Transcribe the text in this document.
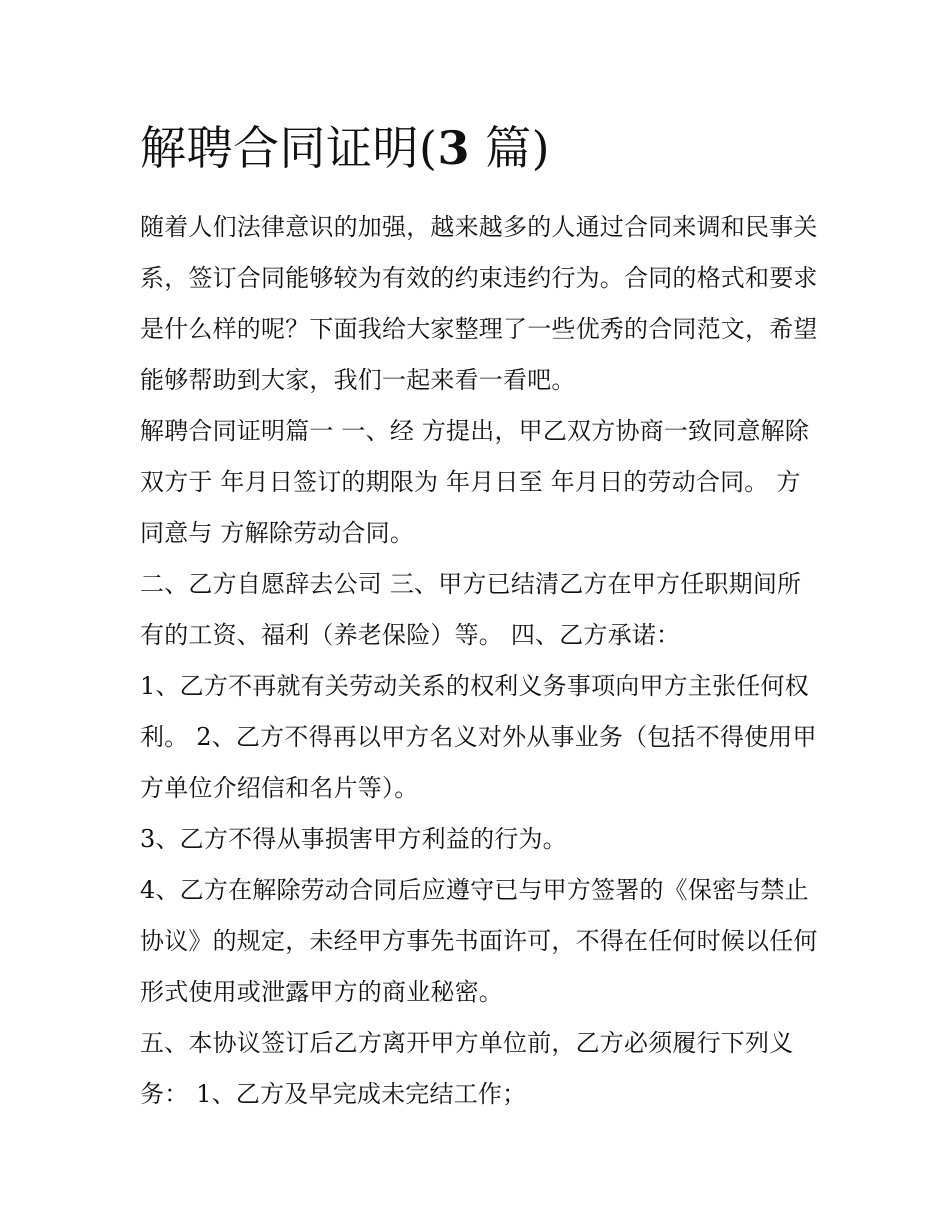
解聘合同证明(3 篇)

随着人们法律意识的加强，越来越多的人通过合同来调和民事关系，签订合同能够较为有效的约束违约行为。合同的格式和要求是什么样的呢？下面我给大家整理了一些优秀的合同范文，希望能够帮助到大家，我们一起来看一看吧。

解聘合同证明篇一 一、经 方提出，甲乙双方协商一致同意解除双方于 年月日签订的期限为 年月日至 年月日的劳动合同。 方同意与 方解除劳动合同。

二、乙方自愿辞去公司 三、甲方已结清乙方在甲方任职期间所有的工资、福利（养老保险）等。 四、乙方承诺：

1、乙方不再就有关劳动关系的权利义务事项向甲方主张任何权利。 2、乙方不得再以甲方名义对外从事业务（包括不得使用甲方单位介绍信和名片等）。

3、乙方不得从事损害甲方利益的行为。

4、乙方在解除劳动合同后应遵守已与甲方签署的《保密与禁止协议》的规定，未经甲方事先书面许可，不得在任何时候以任何形式使用或泄露甲方的商业秘密。

五、本协议签订后乙方离开甲方单位前，乙方必须履行下列义务： 1、乙方及早完成未完结工作；
